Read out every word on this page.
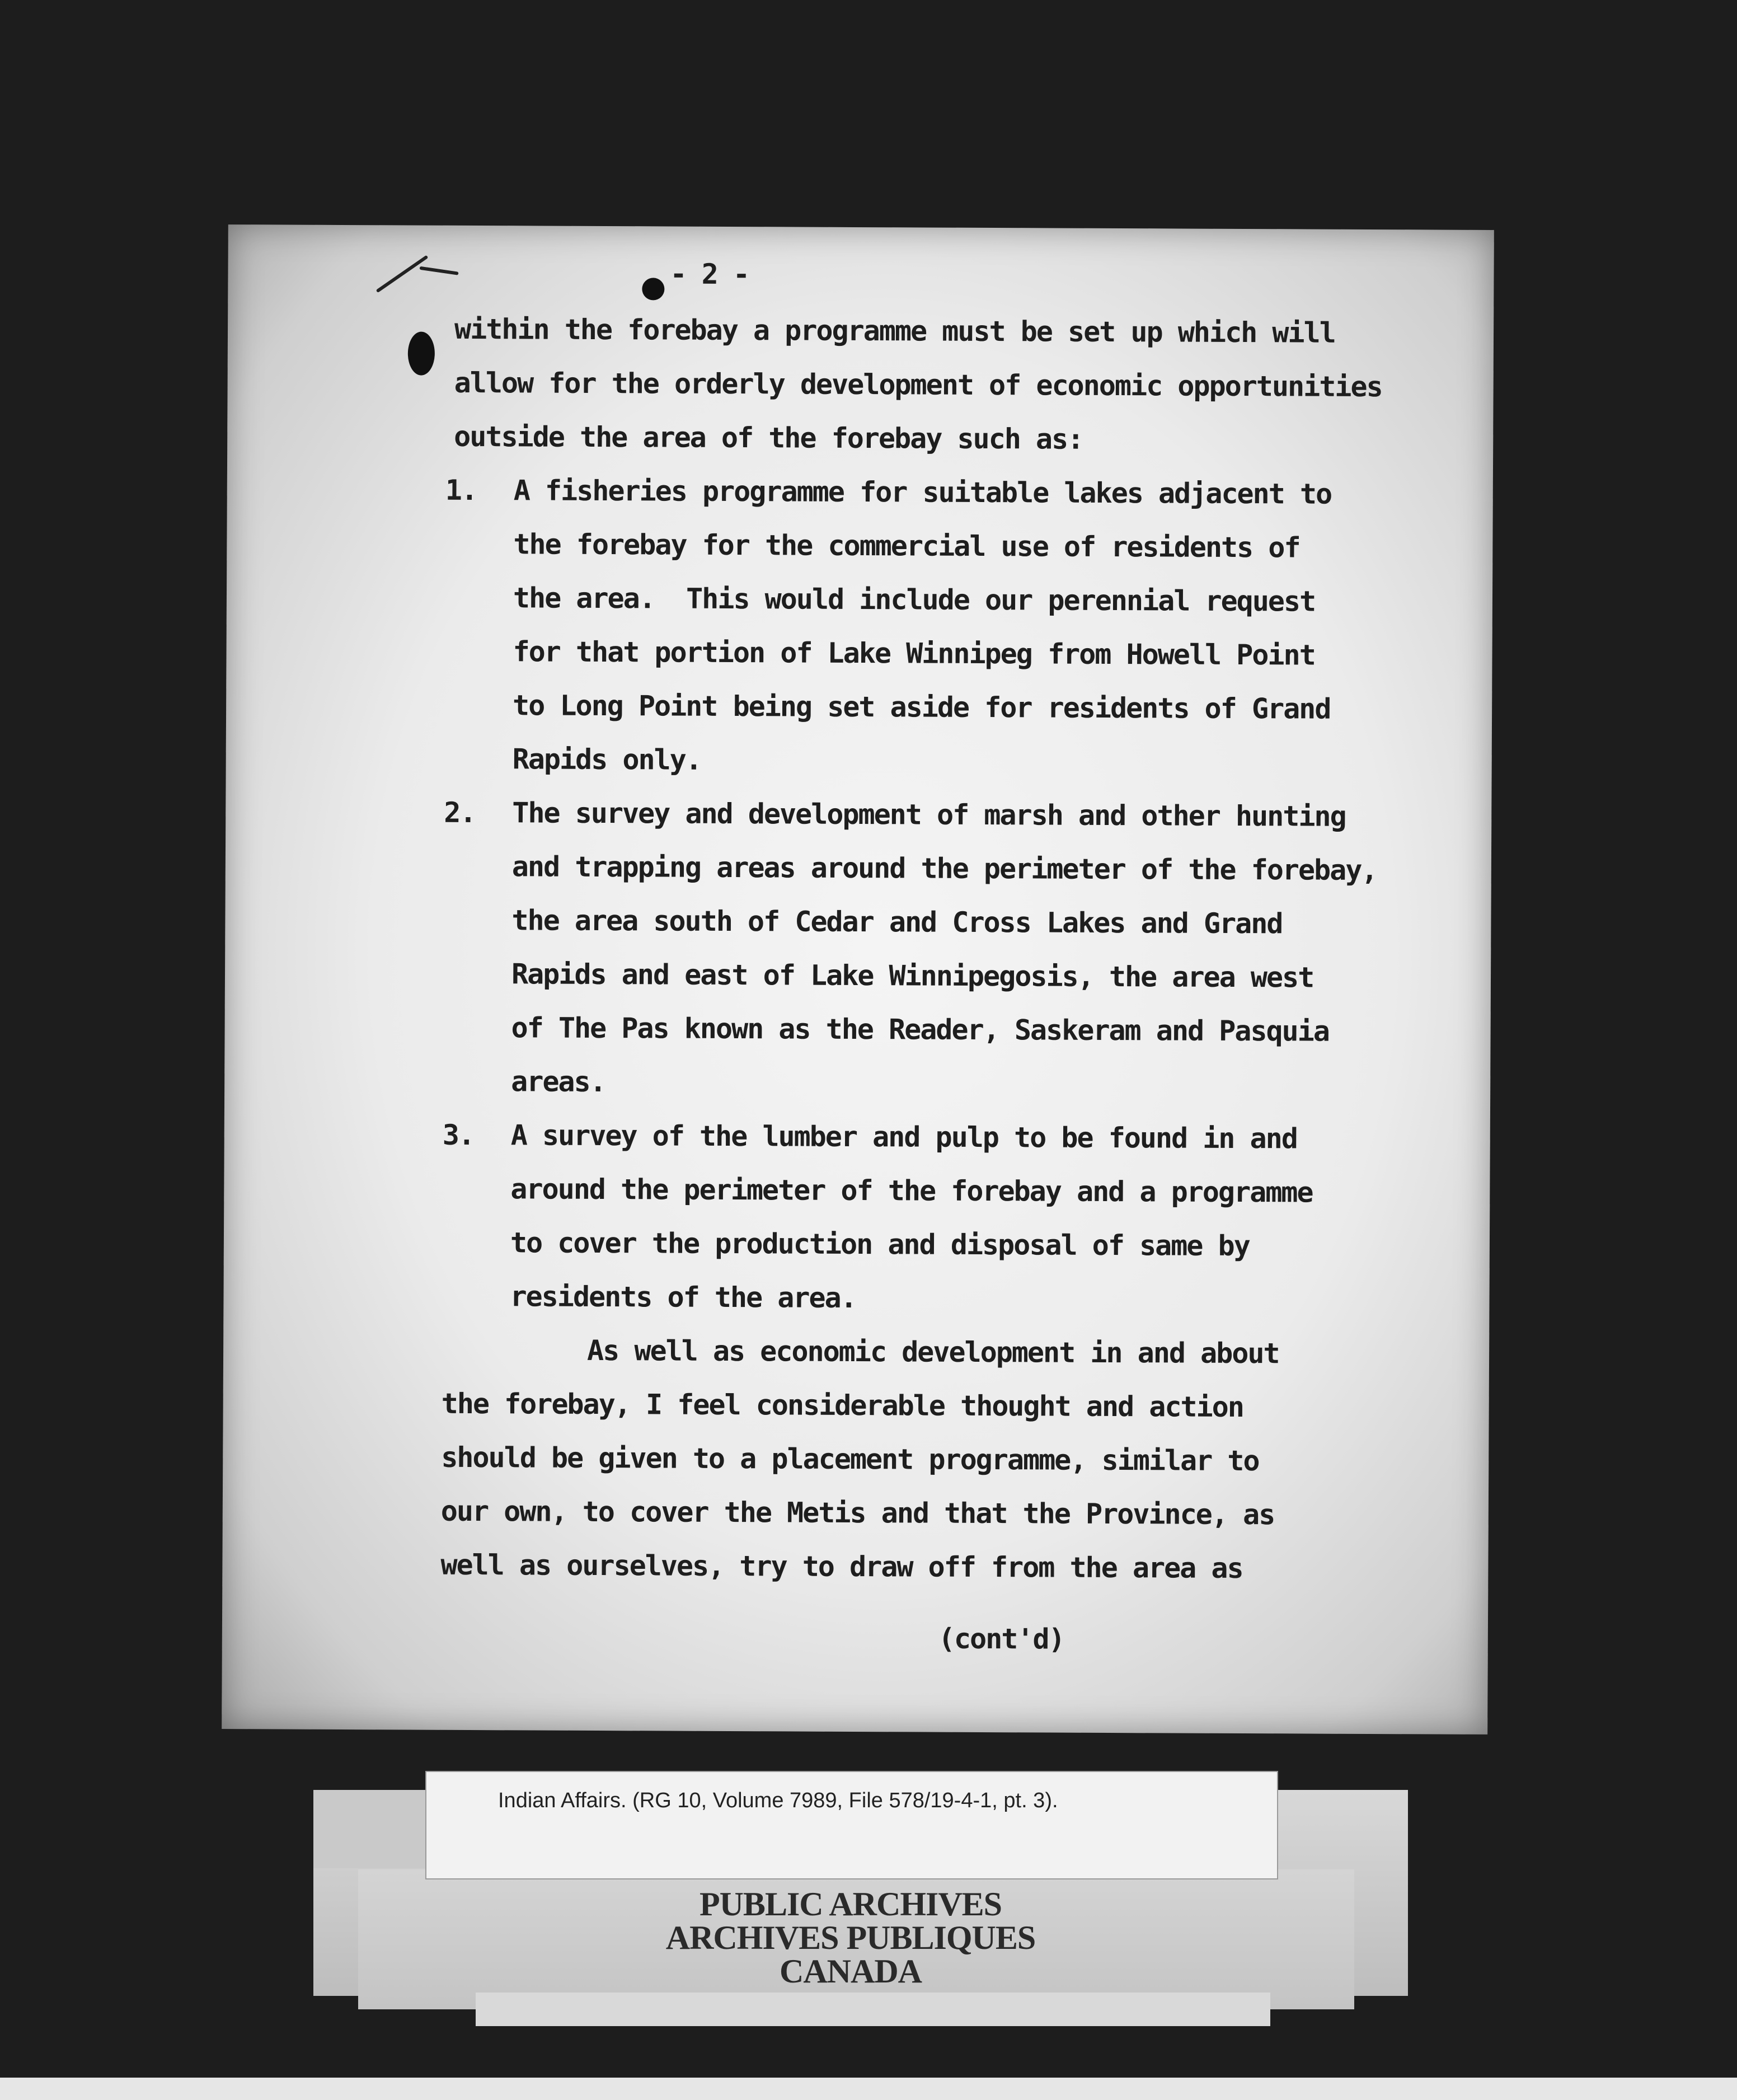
- 2 -
within the forebay a programme must be set up which will
allow for the orderly development of economic opportunities
outside the area of the forebay such as:
1. A fisheries programme for suitable lakes adjacent to
the forebay for the commercial use of residents of
the area.  This would include our perennial request
for that portion of Lake Winnipeg from Howell Point
to Long Point being set aside for residents of Grand
Rapids only.
2. The survey and development of marsh and other hunting
and trapping areas around the perimeter of the forebay,
the area south of Cedar and Cross Lakes and Grand
Rapids and east of Lake Winnipegosis, the area west
of The Pas known as the Reader, Saskeram and Pasquia
areas.
3. A survey of the lumber and pulp to be found in and
around the perimeter of the forebay and a programme
to cover the production and disposal of same by
residents of the area.
As well as economic development in and about
the forebay, I feel considerable thought and action
should be given to a placement programme, similar to
our own, to cover the Metis and that the Province, as
well as ourselves, try to draw off from the area as
(cont'd)
Indian Affairs. (RG 10, Volume 7989, File 578/19-4-1, pt. 3).
PUBLIC ARCHIVES
ARCHIVES PUBLIQUES
CANADA
